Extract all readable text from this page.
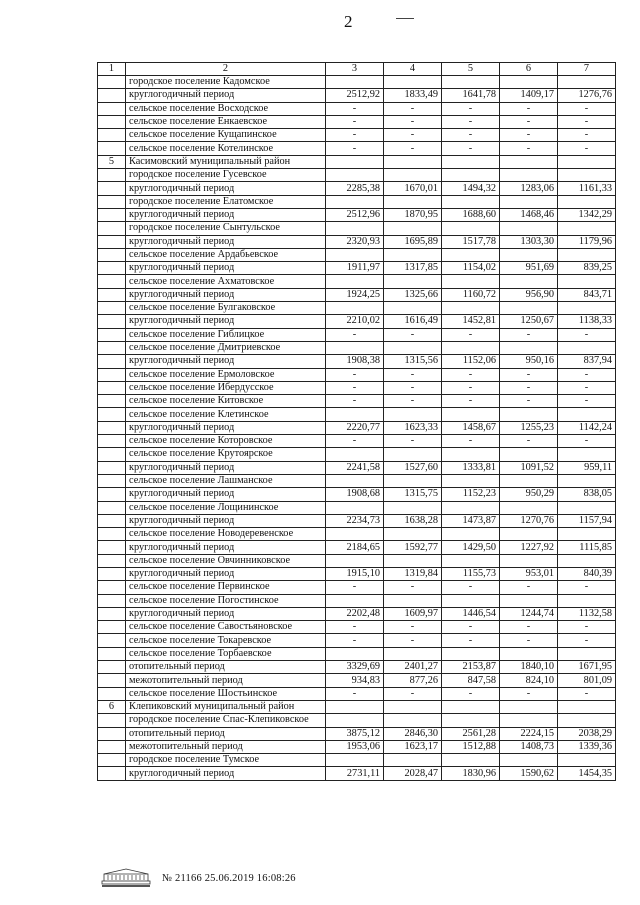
2
1	2	3	4	5	6	7
	городское поселение Кадомское					
	круглогодичный период	2512,92	1833,49	1641,78	1409,17	1276,76
	сельское поселение Восходское	-	-	-	-	-
	сельское поселение Енкаевское	-	-	-	-	-
	сельское поселение Кущапинское	-	-	-	-	-
	сельское поселение Котелинское	-	-	-	-	-
5	Касимовский муниципальный район					
	городское поселение Гусевское					
	круглогодичный период	2285,38	1670,01	1494,32	1283,06	1161,33
	городское поселение Елатомское					
	круглогодичный период	2512,96	1870,95	1688,60	1468,46	1342,29
	городское поселение Сынтульское					
	круглогодичный период	2320,93	1695,89	1517,78	1303,30	1179,96
	сельское поселение Ардабьевское					
	круглогодичный период	1911,97	1317,85	1154,02	951,69	839,25
	сельское поселение Ахматовское					
	круглогодичный период	1924,25	1325,66	1160,72	956,90	843,71
	сельское поселение Булгаковское					
	круглогодичный период	2210,02	1616,49	1452,81	1250,67	1138,33
	сельское поселение Гиблицкое	-	-	-	-	-
	сельское поселение Дмитриевское					
	круглогодичный период	1908,38	1315,56	1152,06	950,16	837,94
	сельское поселение Ермоловское	-	-	-	-	-
	сельское поселение Ибердусское	-	-	-	-	-
	сельское поселение Китовское	-	-	-	-	-
	сельское поселение Клетинское					
	круглогодичный период	2220,77	1623,33	1458,67	1255,23	1142,24
	сельское поселение Которовское	-	-	-	-	-
	сельское поселение Крутоярское					
	круглогодичный период	2241,58	1527,60	1333,81	1091,52	959,11
	сельское поселение Лашманское					
	круглогодичный период	1908,68	1315,75	1152,23	950,29	838,05
	сельское поселение Лощининское					
	круглогодичный период	2234,73	1638,28	1473,87	1270,76	1157,94
	сельское поселение Новодеревенское					
	круглогодичный период	2184,65	1592,77	1429,50	1227,92	1115,85
	сельское поселение Овчинниковское					
	круглогодичный период	1915,10	1319,84	1155,73	953,01	840,39
	сельское поселение Первинское	-	-	-	-	-
	сельское поселение Погостинское					
	круглогодичный период	2202,48	1609,97	1446,54	1244,74	1132,58
	сельское поселение Савостьяновское	-	-	-	-	-
	сельское поселение Токаревское	-	-	-	-	-
	сельское поселение Торбаевское					
	отопительный период	3329,69	2401,27	2153,87	1840,10	1671,95
	межотопительный период	934,83	877,26	847,58	824,10	801,09
	сельское поселение Шостьинское	-	-	-	-	-
6	Клепиковский муниципальный район					
	городское поселение Спас-Клепиковское					
	отопительный период	3875,12	2846,30	2561,28	2224,15	2038,29
	межотопительный период	1953,06	1623,17	1512,88	1408,73	1339,36
	городское поселение Тумское					
	круглогодичный период	2731,11	2028,47	1830,96	1590,62	1454,35
№ 21166 25.06.2019 16:08:26
